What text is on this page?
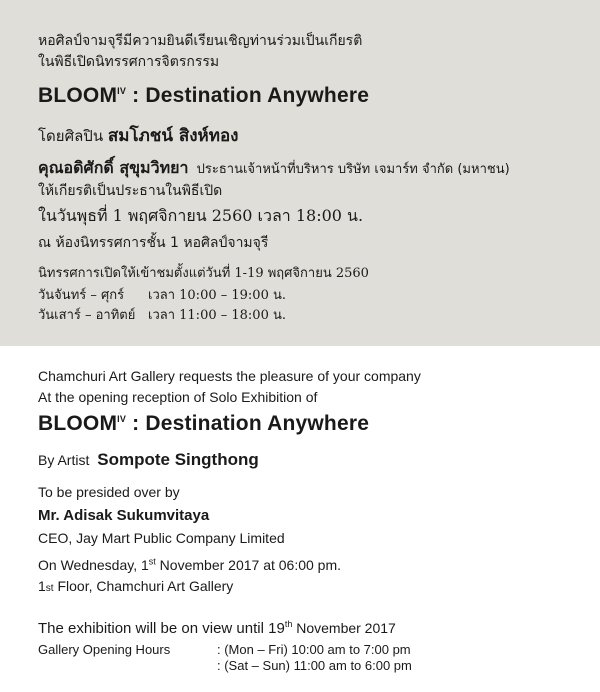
หอศิลป์จามจุรีมีความยินดีเรียนเชิญท่านร่วมเป็นเกียรติ
ในพิธีเปิดนิทรรศการจิตรกรรม
$BLOOM^{IV}$ : Destination Anywhere
โดยศิลปิน สมโภชน์ สิงห์ทอง
คุณอดิศักดิ์ สุขุมวิทยา ประธานเจ้าหน้าที่บริหาร บริษัท เจมาร์ท จำกัด (มหาชน)
ให้เกียรติเป็นประธานในพิธีเปิด
ในวันพุธที่ 1 พฤศจิกายน 2560 เวลา 18:00 น.
ณ ห้องนิทรรศการชั้น 1 หอศิลป์จามจุรี
นิทรรศการเปิดให้เข้าชมตั้งแต่วันที่ 1-19 พฤศจิกายน 2560
วันจันทร์ – ศุกร์ เวลา 10:00 – 19:00 น.
วันเสาร์ – อาทิตย์ เวลา 11:00 – 18:00 น.
Chamchuri Art Gallery requests the pleasure of your company
At the opening reception of Solo Exhibition of
$BLOOM^{IV}$ : Destination Anywhere
By Artist Sompote Singthong
To be presided over by
Mr. Adisak Sukumvitaya
CEO, Jay Mart Public Company Limited
On Wednesday, 1st November 2017 at 06:00 pm.
1st Floor, Chamchuri Art Gallery
The exhibition will be on view until 19th November 2017
Gallery Opening Hours	: (Mon – Fri) 10:00 am to 7:00 pm
: (Sat – Sun) 11:00 am to 6:00 pm
